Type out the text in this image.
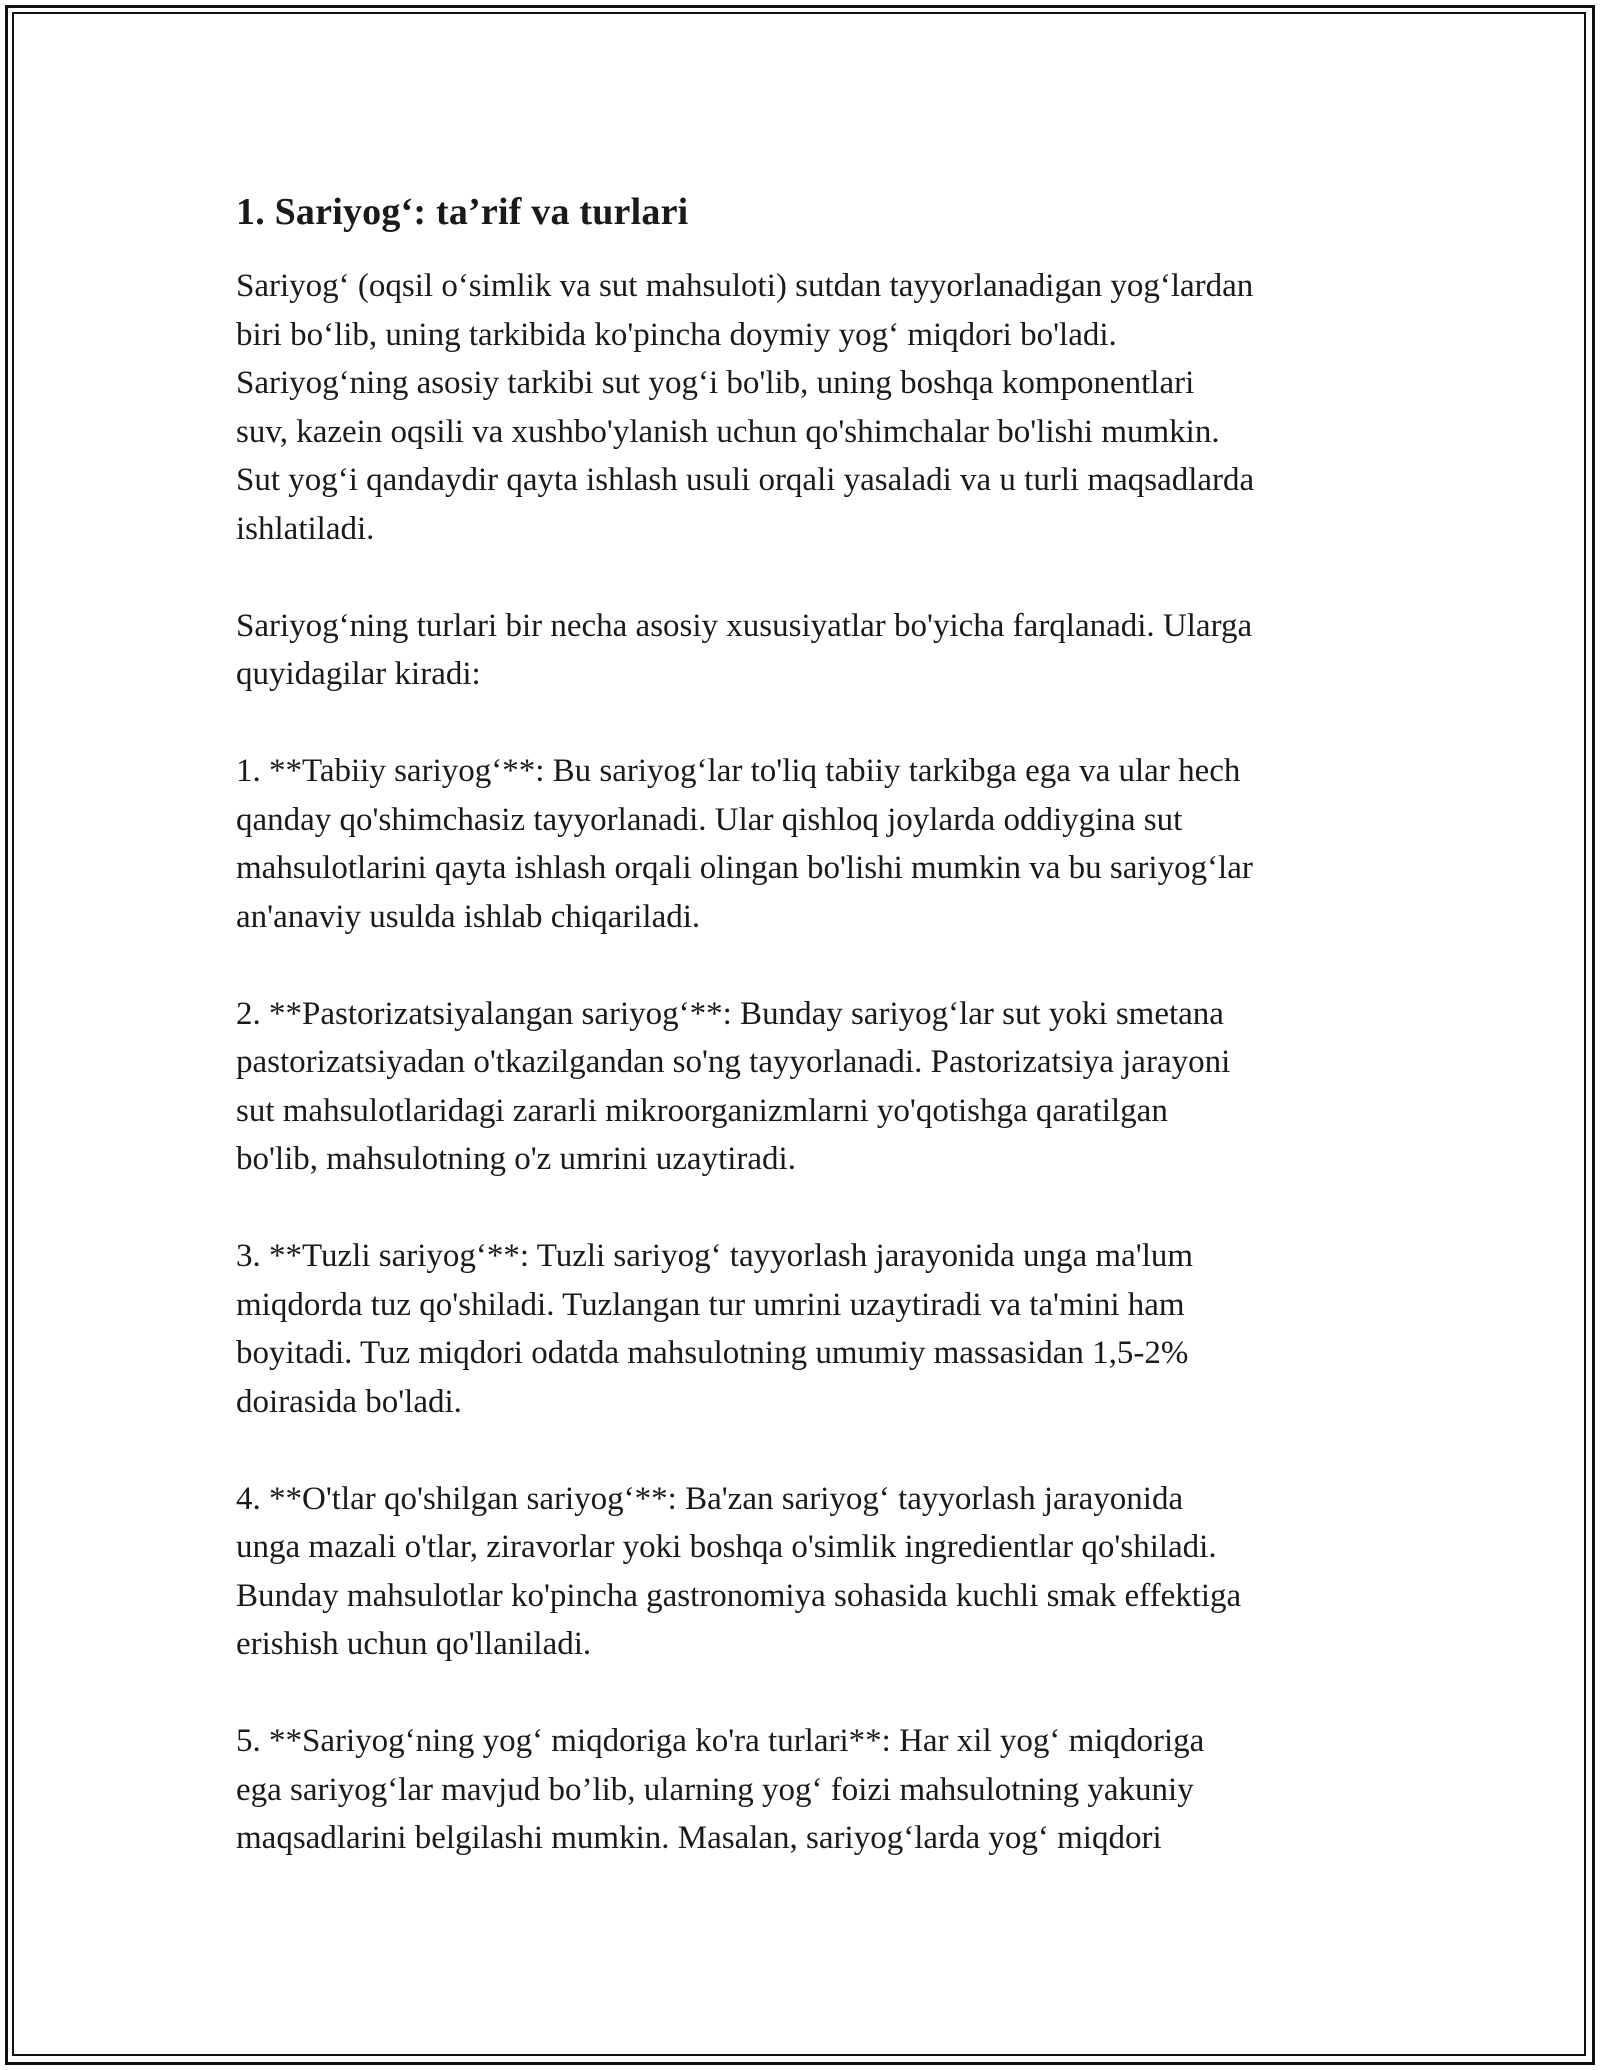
1. Sariyog‘: ta’rif va turlari

Sariyog‘ (oqsil o‘simlik va sut mahsuloti) sutdan tayyorlanadigan yog‘lardan
biri bo‘lib, uning tarkibida ko'pincha doymiy yog‘ miqdori bo'ladi.
Sariyog‘ning asosiy tarkibi sut yog‘i bo'lib, uning boshqa komponentlari
suv, kazein oqsili va xushbo'ylanish uchun qo'shimchalar bo'lishi mumkin.
Sut yog‘i qandaydir qayta ishlash usuli orqali yasaladi va u turli maqsadlarda
ishlatiladi.

Sariyog‘ning turlari bir necha asosiy xususiyatlar bo'yicha farqlanadi. Ularga
quyidagilar kiradi:

1. **Tabiiy sariyog‘**: Bu sariyog‘lar to'liq tabiiy tarkibga ega va ular hech
qanday qo'shimchasiz tayyorlanadi. Ular qishloq joylarda oddiygina sut
mahsulotlarini qayta ishlash orqali olingan bo'lishi mumkin va bu sariyog‘lar
an'anaviy usulda ishlab chiqariladi.

2. **Pastorizatsiyalangan sariyog‘**: Bunday sariyog‘lar sut yoki smetana
pastorizatsiyadan o'tkazilgandan so'ng tayyorlanadi. Pastorizatsiya jarayoni
sut mahsulotlaridagi zararli mikroorganizmlarni yo'qotishga qaratilgan
bo'lib, mahsulotning o'z umrini uzaytiradi.

3. **Tuzli sariyog‘**: Tuzli sariyog‘ tayyorlash jarayonida unga ma'lum
miqdorda tuz qo'shiladi. Tuzlangan tur umrini uzaytiradi va ta'mini ham
boyitadi. Tuz miqdori odatda mahsulotning umumiy massasidan 1,5-2%
doirasida bo'ladi.

4. **O'tlar qo'shilgan sariyog‘**: Ba'zan sariyog‘ tayyorlash jarayonida
unga mazali o'tlar, ziravorlar yoki boshqa o'simlik ingredientlar qo'shiladi.
Bunday mahsulotlar ko'pincha gastronomiya sohasida kuchli smak effektiga
erishish uchun qo'llaniladi.

5. **Sariyog‘ning yog‘ miqdoriga ko'ra turlari**: Har xil yog‘ miqdoriga
ega sariyog‘lar mavjud bo’lib, ularning yog‘ foizi mahsulotning yakuniy
maqsadlarini belgilashi mumkin. Masalan, sariyog‘larda yog‘ miqdori
